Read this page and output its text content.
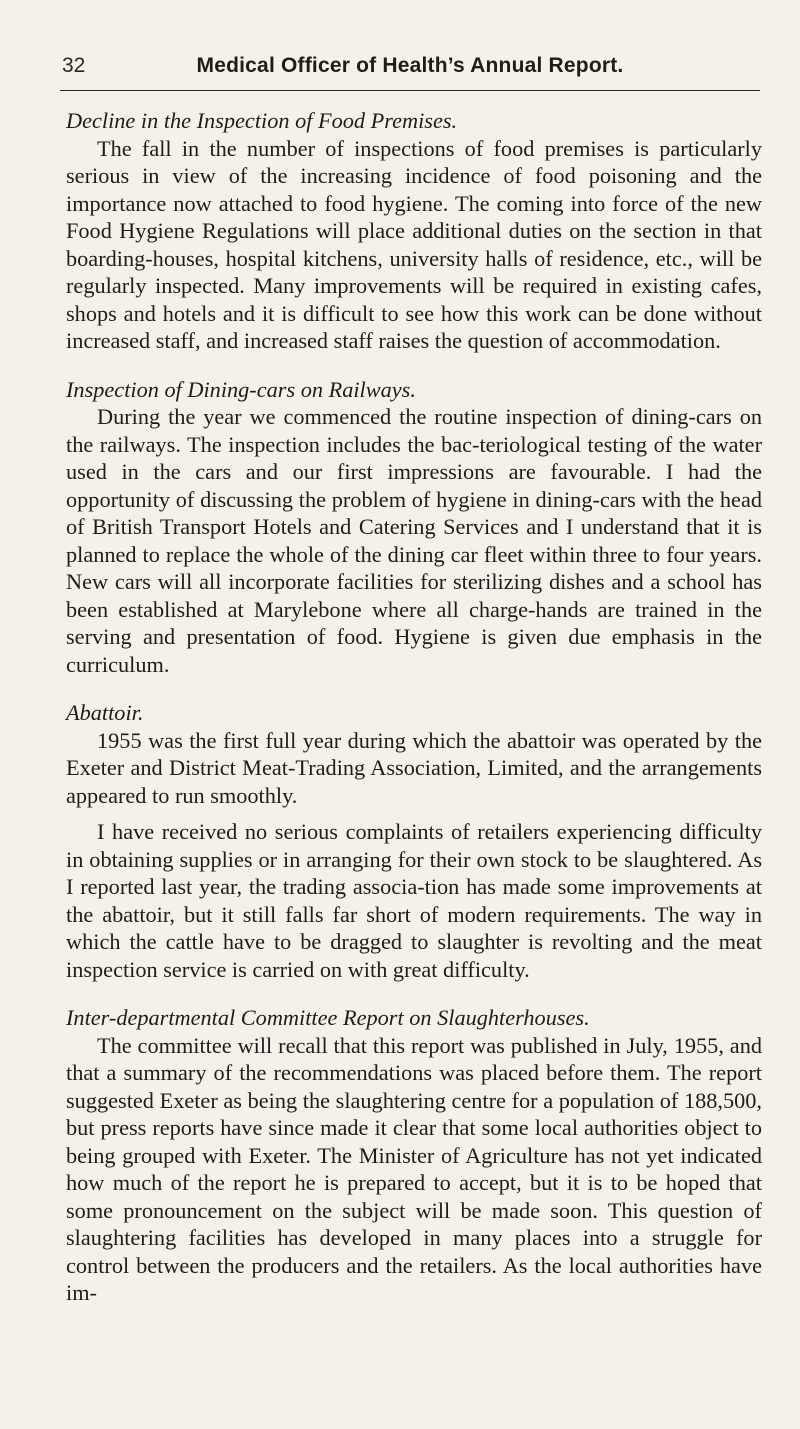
32	Medical Officer of Health’s Annual Report.

Decline in the Inspection of Food Premises.

The fall in the number of inspections of food premises is particularly serious in view of the increasing incidence of food poisoning and the importance now attached to food hygiene. The coming into force of the new Food Hygiene Regulations will place additional duties on the section in that boarding-houses, hospital kitchens, university halls of residence, etc., will be regularly inspected. Many improvements will be required in existing cafes, shops and hotels and it is difficult to see how this work can be done without increased staff, and increased staff raises the question of accommodation.

Inspection of Dining-cars on Railways.

During the year we commenced the routine inspection of dining-cars on the railways. The inspection includes the bac-teriological testing of the water used in the cars and our first impressions are favourable. I had the opportunity of discussing the problem of hygiene in dining-cars with the head of British Transport Hotels and Catering Services and I understand that it is planned to replace the whole of the dining car fleet within three to four years. New cars will all incorporate facilities for sterilizing dishes and a school has been established at Marylebone where all charge-hands are trained in the serving and presentation of food. Hygiene is given due emphasis in the curriculum.

Abattoir.

1955 was the first full year during which the abattoir was operated by the Exeter and District Meat-Trading Association, Limited, and the arrangements appeared to run smoothly.

I have received no serious complaints of retailers experiencing difficulty in obtaining supplies or in arranging for their own stock to be slaughtered. As I reported last year, the trading associa-tion has made some improvements at the abattoir, but it still falls far short of modern requirements. The way in which the cattle have to be dragged to slaughter is revolting and the meat inspection service is carried on with great difficulty.

Inter-departmental Committee Report on Slaughterhouses.

The committee will recall that this report was published in July, 1955, and that a summary of the recommendations was placed before them. The report suggested Exeter as being the slaughtering centre for a population of 188,500, but press reports have since made it clear that some local authorities object to being grouped with Exeter. The Minister of Agriculture has not yet indicated how much of the report he is prepared to accept, but it is to be hoped that some pronouncement on the subject will be made soon. This question of slaughtering facilities has developed in many places into a struggle for control between the producers and the retailers. As the local authorities have im-
